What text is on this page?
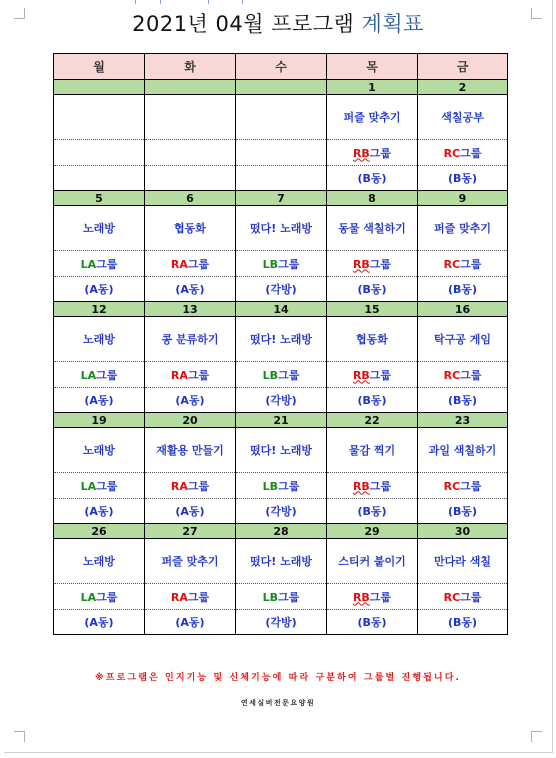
2021년 04월 프로그램 계획표
월	화	수	목	금
			1	2
			퍼즐 맞추기	색칠공부
			RB그룹	RC그룹
			(B동)	(B동)
5	6	7	8	9
노래방	협동화	떴다! 노래방	동물 색칠하기	퍼즐 맞추기
LA그룹	RA그룹	LB그룹	RB그룹	RC그룹
(A동)	(A동)	(각방)	(B동)	(B동)
12	13	14	15	16
노래방	콩 분류하기	떴다! 노래방	협동화	탁구공 게임
LA그룹	RA그룹	LB그룹	RB그룹	RC그룹
(A동)	(A동)	(각방)	(B동)	(B동)
19	20	21	22	23
노래방	재활용 만들기	떴다! 노래방	물감 찍기	과일 색칠하기
LA그룹	RA그룹	LB그룹	RB그룹	RC그룹
(A동)	(A동)	(각방)	(B동)	(B동)
26	27	28	29	30
노래방	퍼즐 맞추기	떴다! 노래방	스티커 붙이기	만다라 색칠
LA그룹	RA그룹	LB그룹	RB그룹	RC그룹
(A동)	(A동)	(각방)	(B동)	(B동)
※프로그램은 인지기능 및 신체기능에 따라 구분하여 그룹별 진행됩니다.
연세실버전문요양원
